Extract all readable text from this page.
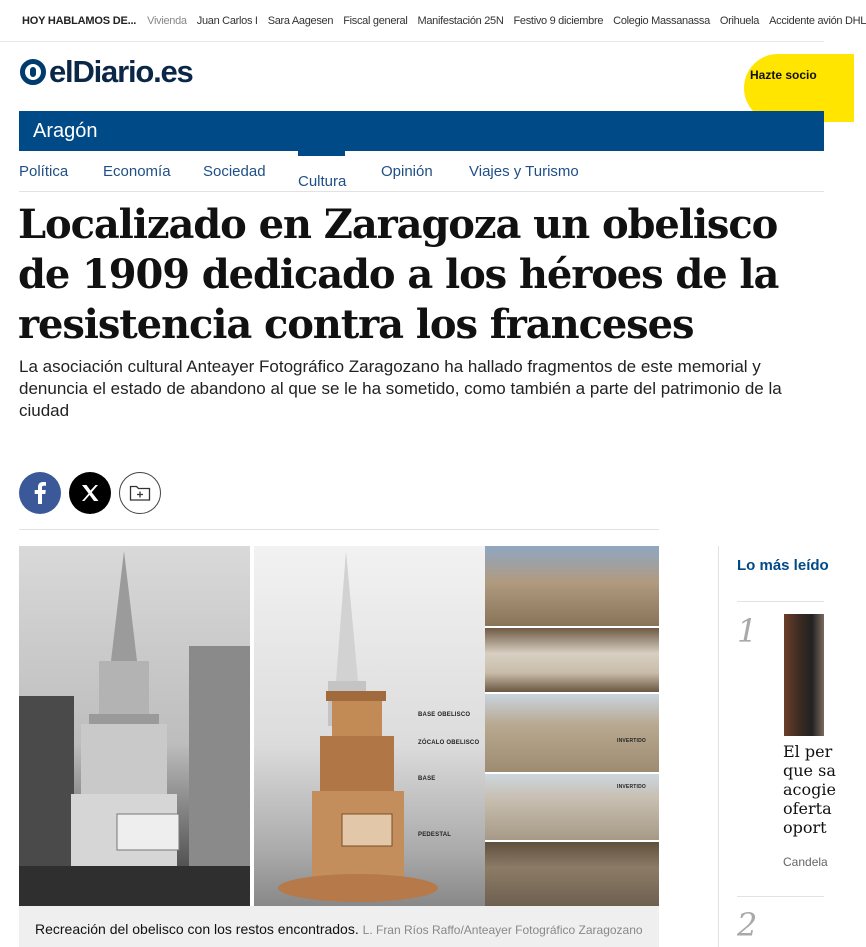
HOY HABLAMOS DE... Vivienda Juan Carlos I Sara Aagesen Fiscal general Manifestación 25N Festivo 9 diciembre Colegio Massanassa Orihuela Accidente avión DHL
elDiario.es	Hazte socio
Aragón
Política Economía Sociedad
Cultura
Opinión Viajes y Turismo
Localizado en Zaragoza un obelisco de 1909 dedicado a los héroes de la resistencia contra los franceses

La asociación cultural Anteayer Fotográfico Zaragozano ha hallado fragmentos de este memorial y denuncia el estado de abandono al que se le ha sometido, como también a parte del patrimonio de la ciudad

BASE OBELISCO
ZÓCALO OBELISCO
BASE
PEDESTAL
INVERTIDO
INVERTIDO
Recreación del obelisco con los restos encontrados. L. Fran Ríos Raffo/Anteayer Fotográfico Zaragozano
Lo más leído
1
El per
que sa
acogie
oferta
oport
Candela
2
